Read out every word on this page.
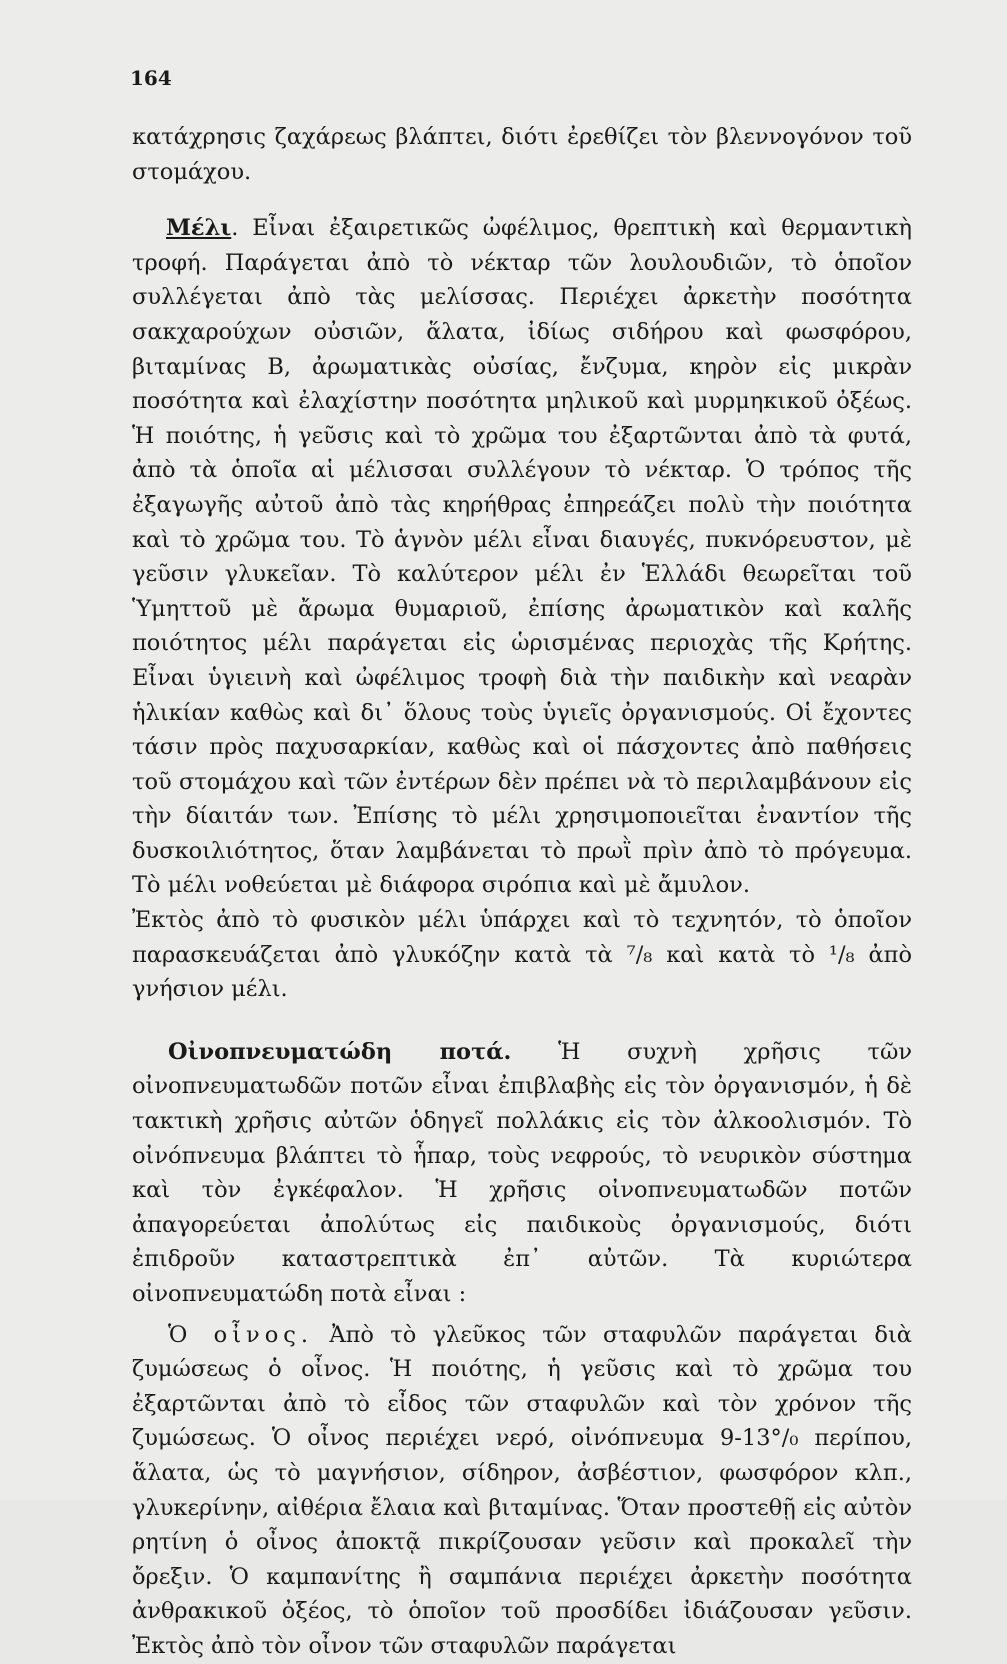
164

κατάχρησις ζαχάρεως βλάπτει, διότι ἐρεθίζει τὸν βλεννογόνον τοῦ στομάχου.

Μέλι. Εἶναι ἐξαιρετικῶς ὠφέλιμος, θρεπτικὴ καὶ θερμαντικὴ τροφή. Παράγεται ἀπὸ τὸ νέκταρ τῶν λουλουδιῶν, τὸ ὁποῖον συλλέγεται ἀπὸ τὰς μελίσσας. Περιέχει ἀρκετὴν ποσότητα σακχαρούχων οὐσιῶν, ἅλατα, ἰδίως σιδήρου καὶ φωσφόρου, βιταμίνας Β, ἀρωματικὰς οὐσίας, ἔνζυμα, κηρὸν εἰς μικρὰν ποσότητα καὶ ἐλαχίστην ποσότητα μηλικοῦ καὶ μυρμηκικοῦ ὀξέως. Ἡ ποιότης, ἡ γεῦσις καὶ τὸ χρῶμα του ἐξαρτῶνται ἀπὸ τὰ φυτά, ἀπὸ τὰ ὁποῖα αἱ μέλισσαι συλλέγουν τὸ νέκταρ. Ὁ τρόπος τῆς ἐξαγωγῆς αὐτοῦ ἀπὸ τὰς κηρήθρας ἐπηρεάζει πολὺ τὴν ποιότητα καὶ τὸ χρῶμα του. Τὸ ἁγνὸν μέλι εἶναι διαυγές, πυκνόρευστον, μὲ γεῦσιν γλυκεῖαν. Τὸ καλύτερον μέλι ἐν Ἑλλάδι θεωρεῖται τοῦ Ὑμηττοῦ μὲ ἄρωμα θυμαριοῦ, ἐπίσης ἀρωματικὸν καὶ καλῆς ποιότητος μέλι παράγεται εἰς ὡρισμένας περιοχὰς τῆς Κρήτης. Εἶναι ὑγιεινὴ καὶ ὠφέλιμος τροφὴ διὰ τὴν παιδικὴν καὶ νεαρὰν ἡλικίαν καθὼς καὶ δι᾽ ὅλους τοὺς ὑγιεῖς ὀργανισμούς. Οἱ ἔχοντες τάσιν πρὸς παχυσαρκίαν, καθὼς καὶ οἱ πάσχοντες ἀπὸ παθήσεις τοῦ στομάχου καὶ τῶν ἐντέρων δὲν πρέπει νὰ τὸ περιλαμβάνουν εἰς τὴν δίαιτάν των. Ἐπίσης τὸ μέλι χρησιμοποιεῖται ἐναντίον τῆς δυσκοιλιότητος, ὅταν λαμβάνεται τὸ πρωῒ πρὶν ἀπὸ τὸ πρόγευμα. Τὸ μέλι νοθεύεται μὲ διάφορα σιρόπια καὶ μὲ ἄμυλον.

Ἐκτὸς ἀπὸ τὸ φυσικὸν μέλι ὑπάρχει καὶ τὸ τεχνητόν, τὸ ὁποῖον παρασκευάζεται ἀπὸ γλυκόζην κατὰ τὰ ⁷/₈ καὶ κατὰ τὸ ¹/₈ ἀπὸ γνήσιον μέλι.

Οἰνοπνευματώδη ποτά. Ἡ συχνὴ χρῆσις τῶν οἰνοπνευματωδῶν ποτῶν εἶναι ἐπιβλαβὴς εἰς τὸν ὀργανισμόν, ἡ δὲ τακτικὴ χρῆσις αὐτῶν ὁδηγεῖ πολλάκις εἰς τὸν ἀλκοολισμόν. Τὸ οἰνόπνευμα βλάπτει τὸ ἧπαρ, τοὺς νεφρούς, τὸ νευρικὸν σύστημα καὶ τὸν ἐγκέφαλον. Ἡ χρῆσις οἰνοπνευματωδῶν ποτῶν ἀπαγορεύεται ἀπολύτως εἰς παιδικοὺς ὀργανισμούς, διότι ἐπιδροῦν καταστρεπτικὰ ἐπ᾽ αὐτῶν. Τὰ κυριώτερα οἰνοπνευματώδη ποτὰ εἶναι :

Ὁ οἶνος. Ἀπὸ τὸ γλεῦκος τῶν σταφυλῶν παράγεται διὰ ζυμώσεως ὁ οἶνος. Ἡ ποιότης, ἡ γεῦσις καὶ τὸ χρῶμα του ἐξαρτῶνται ἀπὸ τὸ εἶδος τῶν σταφυλῶν καὶ τὸν χρόνον τῆς ζυμώσεως. Ὁ οἶνος περιέχει νερό, οἰνόπνευμα 9-13°/₀ περίπου, ἅλατα, ὡς τὸ μαγνήσιον, σίδηρον, ἀσβέστιον, φωσφόρον κλπ., γλυκερίνην, αἰθέρια ἔλαια καὶ βιταμίνας. Ὅταν προστεθῇ εἰς αὐτὸν ρητίνη ὁ οἶνος ἀποκτᾷ πικρίζουσαν γεῦσιν καὶ προκαλεῖ τὴν ὄρεξιν. Ὁ καμπανίτης ἢ σαμπάνια περιέχει ἀρκετὴν ποσότητα ἀνθρακικοῦ ὀξέος, τὸ ὁποῖον τοῦ προσδίδει ἰδιάζουσαν γεῦσιν. Ἐκτὸς ἀπὸ τὸν οἶνον τῶν σταφυλῶν παράγεται
